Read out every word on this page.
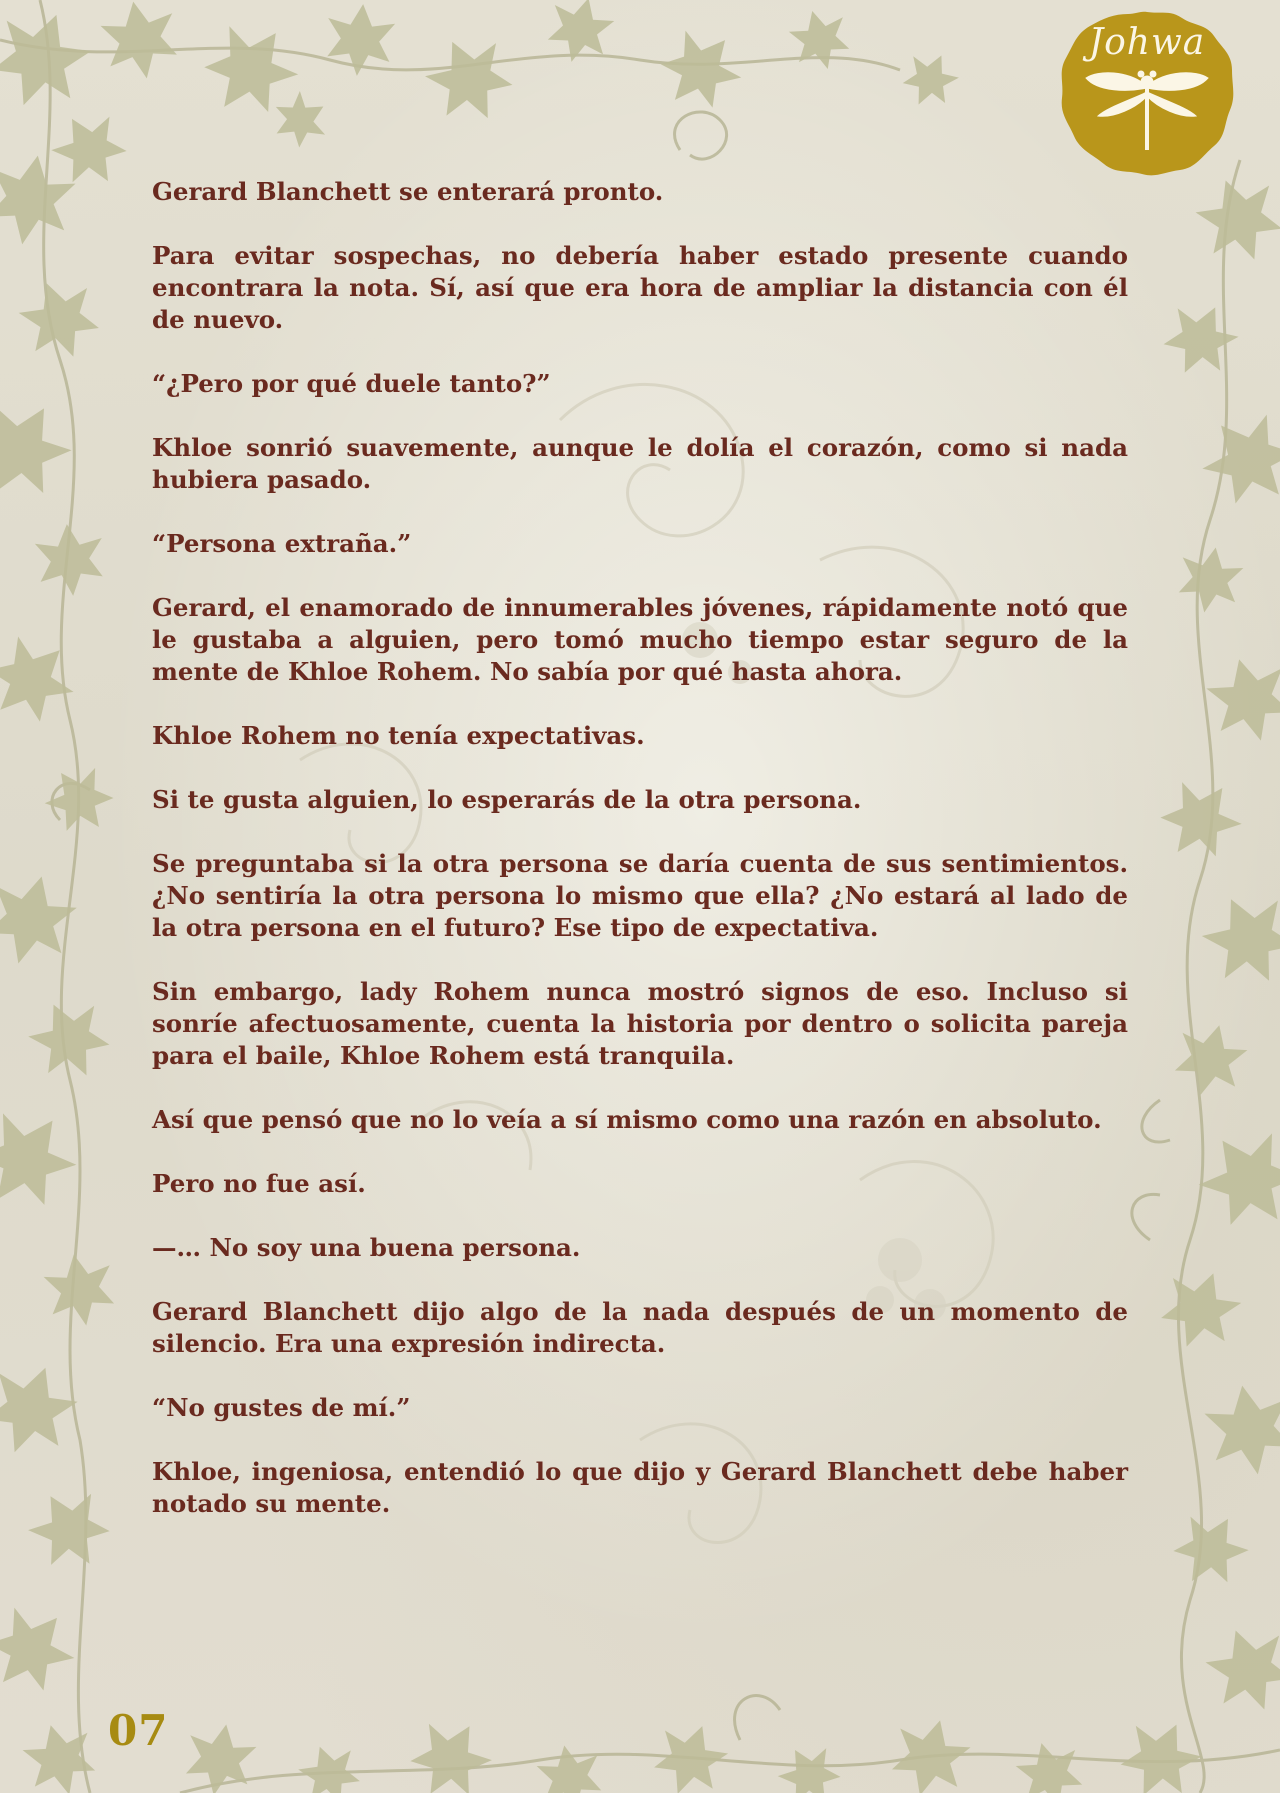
Johwa

Gerard Blanchett se enterará pronto.

Para evitar sospechas, no debería haber estado presente cuando encontrara la nota. Sí, así que era hora de ampliar la distancia con él de nuevo.

“¿Pero por qué duele tanto?”

Khloe sonrió suavemente, aunque le dolía el corazón, como si nada hubiera pasado.

“Persona extraña.”

Gerard, el enamorado de innumerables jóvenes, rápidamente notó que le gustaba a alguien, pero tomó mucho tiempo estar seguro de la mente de Khloe Rohem. No sabía por qué hasta ahora.

Khloe Rohem no tenía expectativas.

Si te gusta alguien, lo esperarás de la otra persona.

Se preguntaba si la otra persona se daría cuenta de sus sentimientos. ¿No sentiría la otra persona lo mismo que ella? ¿No estará al lado de la otra persona en el futuro? Ese tipo de expectativa.

Sin embargo, lady Rohem nunca mostró signos de eso. Incluso si sonríe afectuosamente, cuenta la historia por dentro o solicita pareja para el baile, Khloe Rohem está tranquila.

Así que pensó que no lo veía a sí mismo como una razón en absoluto.

Pero no fue así.

—… No soy una buena persona.

Gerard Blanchett dijo algo de la nada después de un momento de silencio. Era una expresión indirecta.

“No gustes de mí.”

Khloe, ingeniosa, entendió lo que dijo y Gerard Blanchett debe haber notado su mente.

07
